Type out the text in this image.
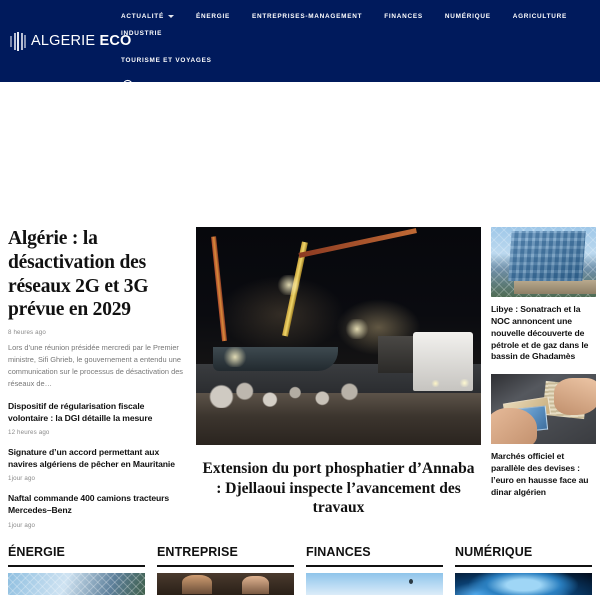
ALGERIE ECO
ACTUALITÉ	ÉNERGIE	ENTREPRISES-MANAGEMENT	FINANCES	NUMÉRIQUE	AGRICULTURE
INDUSTRIE
TOURISME ET VOYAGES
Algérie : la désactivation des réseaux 2G et 3G prévue en 2029
8 heures ago

Lors d’une réunion présidée mercredi par le Premier ministre, Sifi Ghrieb, le gouvernement a entendu une communication sur le processus de désactivation des réseaux de…

Dispositif de régularisation fiscale volontaire : la DGI détaille la mesure
12 heures ago
Signature d’un accord permettant aux navires algériens de pêcher en Mauritanie
1jour ago
Naftal commande 400 camions tracteurs Mercedes–Benz
1jour ago
Extension du port phosphatier d’Annaba : Djellaoui inspecte l’avancement des travaux
Libye : Sonatrach et la NOC annoncent une nouvelle découverte de pétrole et de gaz dans le bassin de Ghadamès
Marchés officiel et parallèle des devises : l’euro en hausse face au dinar algérien
ÉNERGIE	ENTREPRISE	FINANCES	NUMÉRIQUE
